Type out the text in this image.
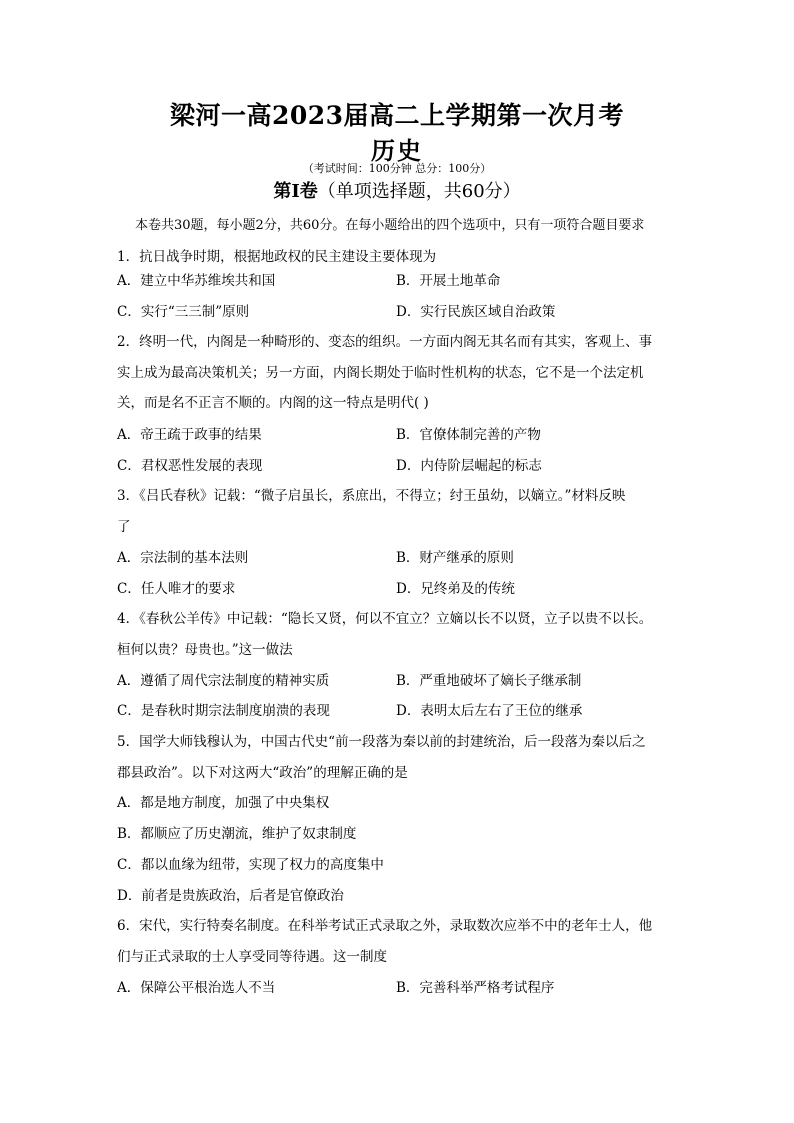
梁河一高2023届高二上学期第一次月考
历史
（考试时间：100分钟 总分：100分）
第Ⅰ卷（单项选择题，共60分）
本卷共30题，每小题2分，共60分。在每小题给出的四个选项中，只有一项符合题目要求
1．抗日战争时期，根据地政权的民主建设主要体现为
A．建立中华苏维埃共和国	B．开展土地革命
C．实行“三三制”原则	D．实行民族区域自治政策
2．终明一代，内阁是一种畸形的、变态的组织。一方面内阁无其名而有其实，客观上、事
实上成为最高决策机关；另一方面，内阁长期处于临时性机构的状态，它不是一个法定机
关，而是名不正言不顺的。内阁的这一特点是明代( )
A．帝王疏于政事的结果	B．官僚体制完善的产物
C．君权恶性发展的表现	D．内侍阶层崛起的标志
3．《吕氏春秋》记载：“微子启虽长，系庶出，不得立；纣王虽幼，以嫡立。”材料反映
了
A．宗法制的基本法则	B．财产继承的原则
C．任人唯才的要求	D．兄终弟及的传统
4．《春秋公羊传》中记载：“隐长又贤，何以不宜立？立嫡以长不以贤，立子以贵不以长。
桓何以贵？母贵也。”这一做法
A．遵循了周代宗法制度的精神实质	B．严重地破坏了嫡长子继承制
C．是春秋时期宗法制度崩溃的表现	D．表明太后左右了王位的继承
5．国学大师钱穆认为，中国古代史“前一段落为秦以前的封建统治，后一段落为秦以后之
郡县政治”。以下对这两大“政治”的理解正确的是
A．都是地方制度，加强了中央集权
B．都顺应了历史潮流，维护了奴隶制度
C．都以血缘为纽带，实现了权力的高度集中
D．前者是贵族政治，后者是官僚政治
6．宋代，实行特奏名制度。在科举考试正式录取之外，录取数次应举不中的老年士人，他
们与正式录取的士人享受同等待遇。这一制度
A．保障公平根治选人不当	B．完善科举严格考试程序
